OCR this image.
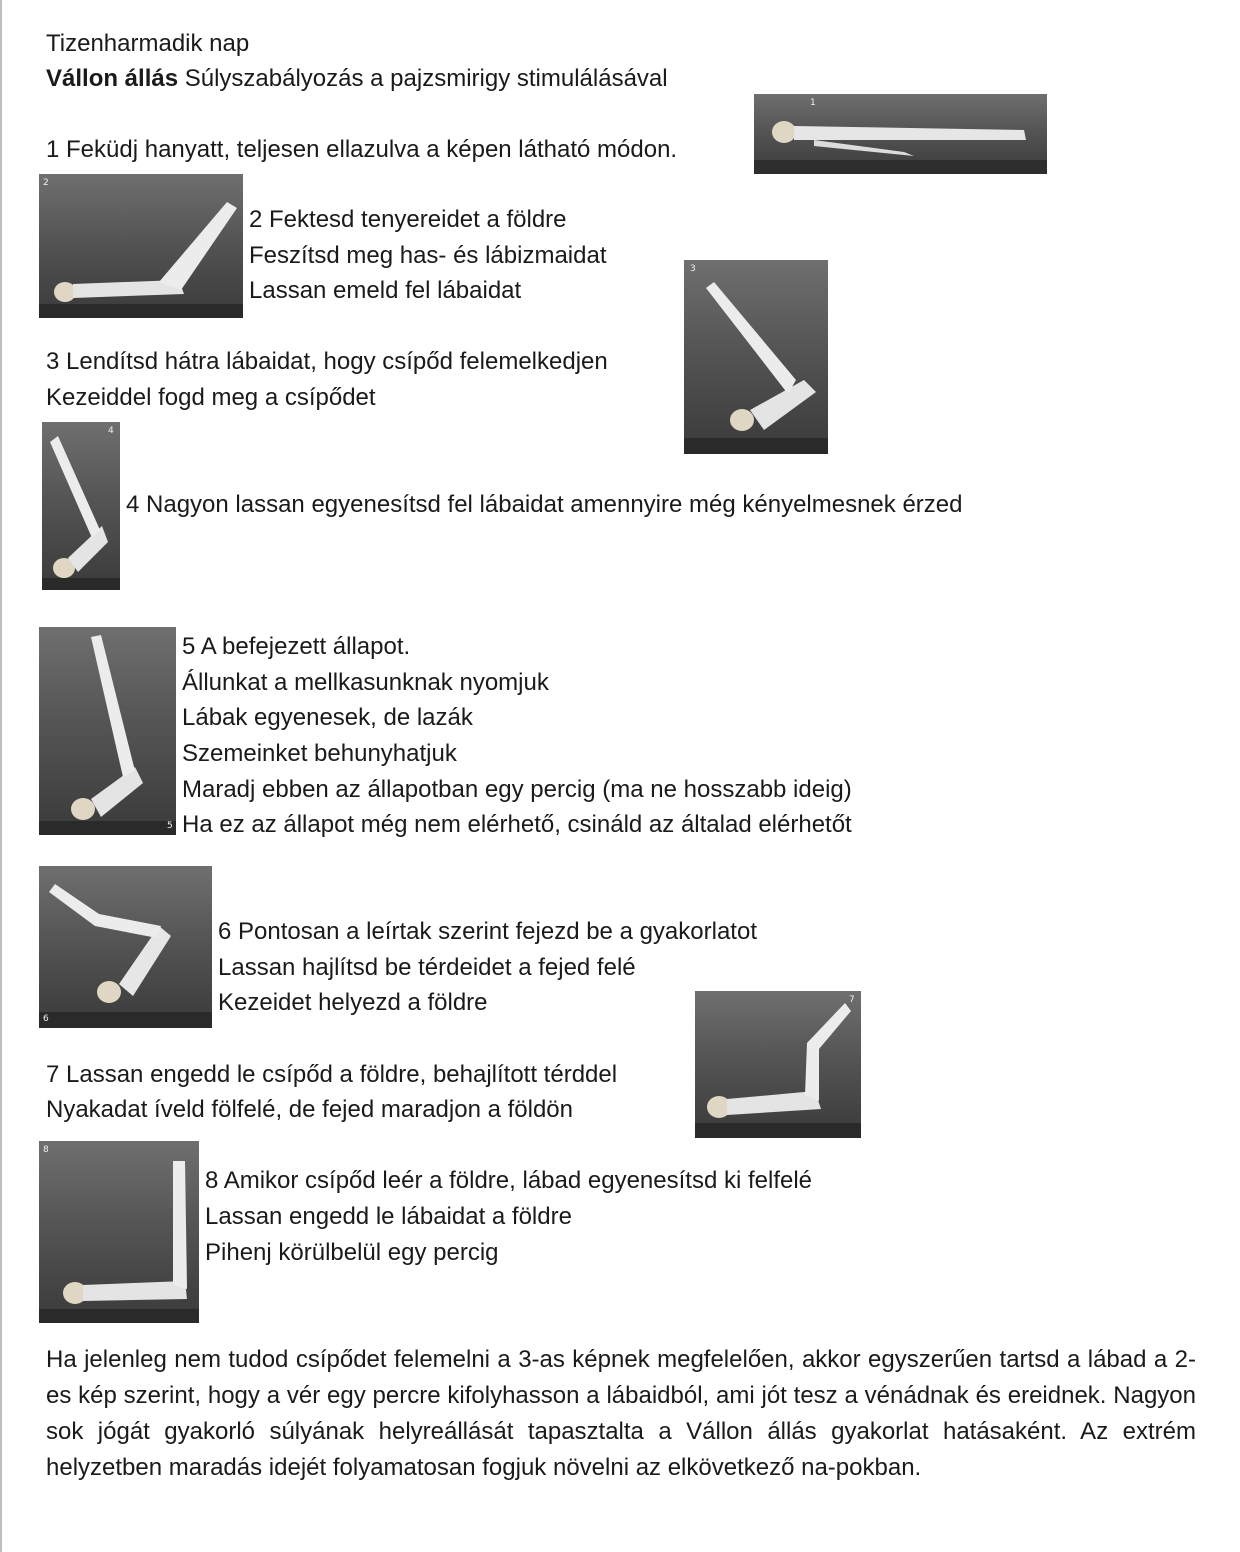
Tizenharmadik nap
Vállon állás Súlyszabályozás a pajzsmirigy stimulálásával
1 Feküdj hanyatt, teljesen ellazulva a képen látható módon.
1
2
2 Fektesd tenyereidet a földre
Feszítsd meg has- és lábizmaidat
Lassan emeld fel lábaidat
3
3 Lendítsd hátra lábaidat, hogy csípőd felemelkedjen
Kezeiddel fogd meg a csípődet
4
4 Nagyon lassan egyenesítsd fel lábaidat amennyire még kényelmesnek érzed
5
5 A befejezett állapot.
Állunkat a mellkasunknak nyomjuk
Lábak egyenesek, de lazák
Szemeinket behunyhatjuk
Maradj ebben az állapotban egy percig (ma ne hosszabb ideig)
Ha ez az állapot még nem elérhető, csináld az általad elérhetőt
6
6 Pontosan a leírtak szerint fejezd be a gyakorlatot
Lassan hajlítsd be térdeidet a fejed felé
Kezeidet helyezd a földre	7
7 Lassan engedd le csípőd a földre, behajlított térddel
Nyakadat íveld fölfelé, de fejed maradjon a földön
8
8 Amikor csípőd leér a földre, lábad egyenesítsd ki felfelé
Lassan engedd le lábaidat a földre
Pihenj körülbelül egy percig
Ha jelenleg nem tudod csípődet felemelni a 3-as képnek megfelelően, akkor egyszerűen tartsd a lábad a 2-es kép szerint, hogy a vér egy percre kifolyhasson a lábaidból, ami jót tesz a vénádnak és ereidnek. Nagyon sok jógát gyakorló súlyának helyreállását tapasztalta a Vállon állás gyakorlat hatásaként. Az extrém helyzetben maradás idejét folyamatosan fogjuk növelni az elkövetkező na-pokban.
